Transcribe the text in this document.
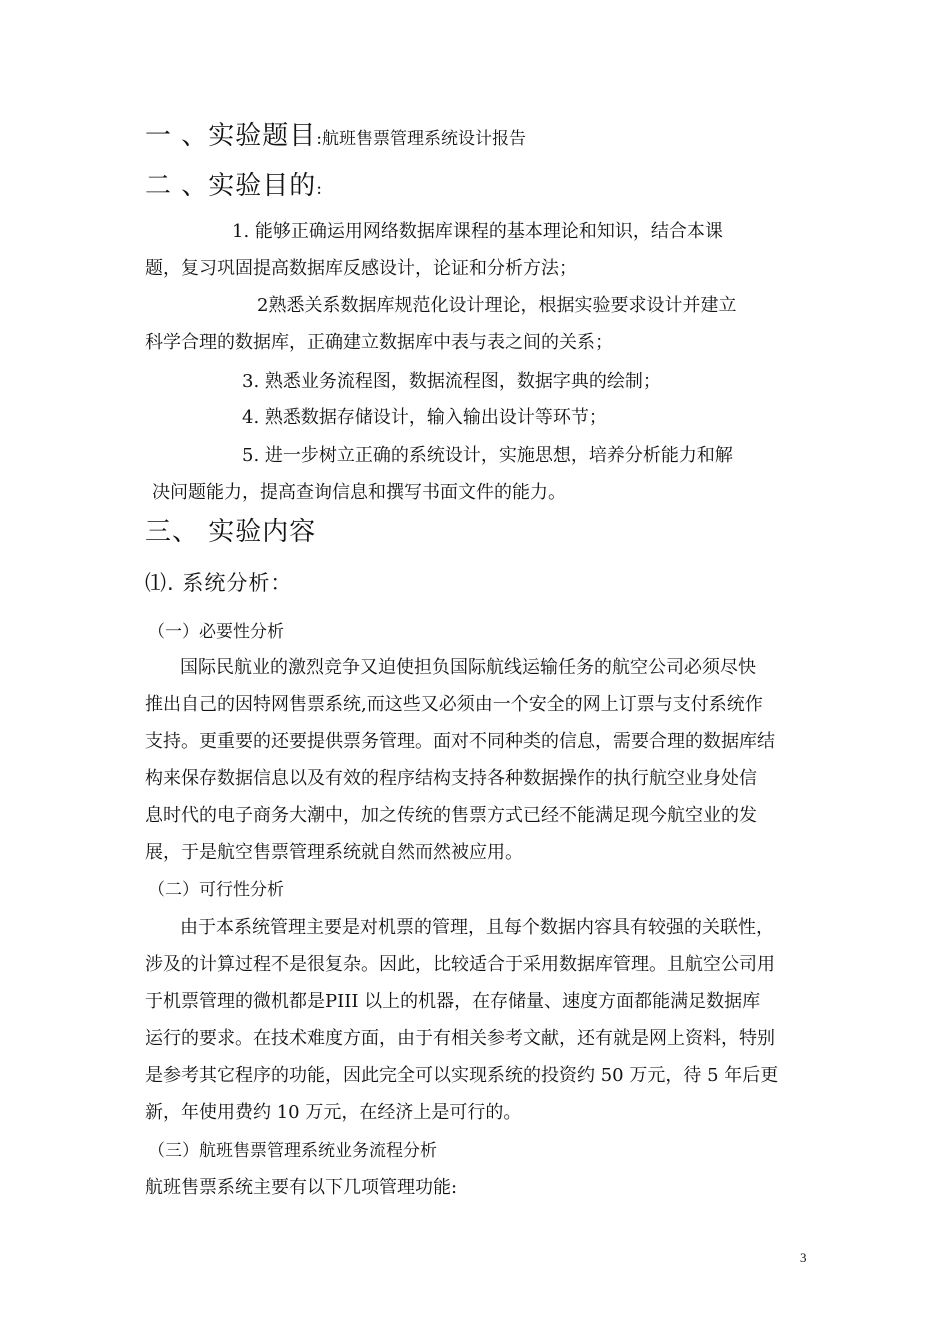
一 、实验题目:航班售票管理系统设计报告
二 、实验目的:
1. 能够正确运用网络数据库课程的基本理论和知识，结合本课
题，复习巩固提高数据库反感设计，论证和分析方法；
2熟悉关系数据库规范化设计理论，根据实验要求设计并建立
科学合理的数据库，正确建立数据库中表与表之间的关系；
3. 熟悉业务流程图，数据流程图，数据字典的绘制；
4. 熟悉数据存储设计，输入输出设计等环节；
5. 进一步树立正确的系统设计，实施思想，培养分析能力和解
决问题能力，提高查询信息和撰写书面文件的能力。
三、 实验内容
⑴. 系统分析：
（一）必要性分析
国际民航业的激烈竞争又迫使担负国际航线运输任务的航空公司必须尽快
推出自己的因特网售票系统,而这些又必须由一个安全的网上订票与支付系统作
支持。更重要的还要提供票务管理。面对不同种类的信息，需要合理的数据库结
构来保存数据信息以及有效的程序结构支持各种数据操作的执行航空业身处信
息时代的电子商务大潮中，加之传统的售票方式已经不能满足现今航空业的发
展，于是航空售票管理系统就自然而然被应用。
（二）可行性分析
由于本系统管理主要是对机票的管理，且每个数据内容具有较强的关联性，
涉及的计算过程不是很复杂。因此，比较适合于采用数据库管理。且航空公司用
于机票管理的微机都是PIII 以上的机器，在存储量、速度方面都能满足数据库
运行的要求。在技术难度方面，由于有相关参考文献，还有就是网上资料，特别
是参考其它程序的功能，因此完全可以实现系统的投资约 50 万元，待 5 年后更
新，年使用费约 10 万元，在经济上是可行的。
（三）航班售票管理系统业务流程分析
航班售票系统主要有以下几项管理功能:
3
